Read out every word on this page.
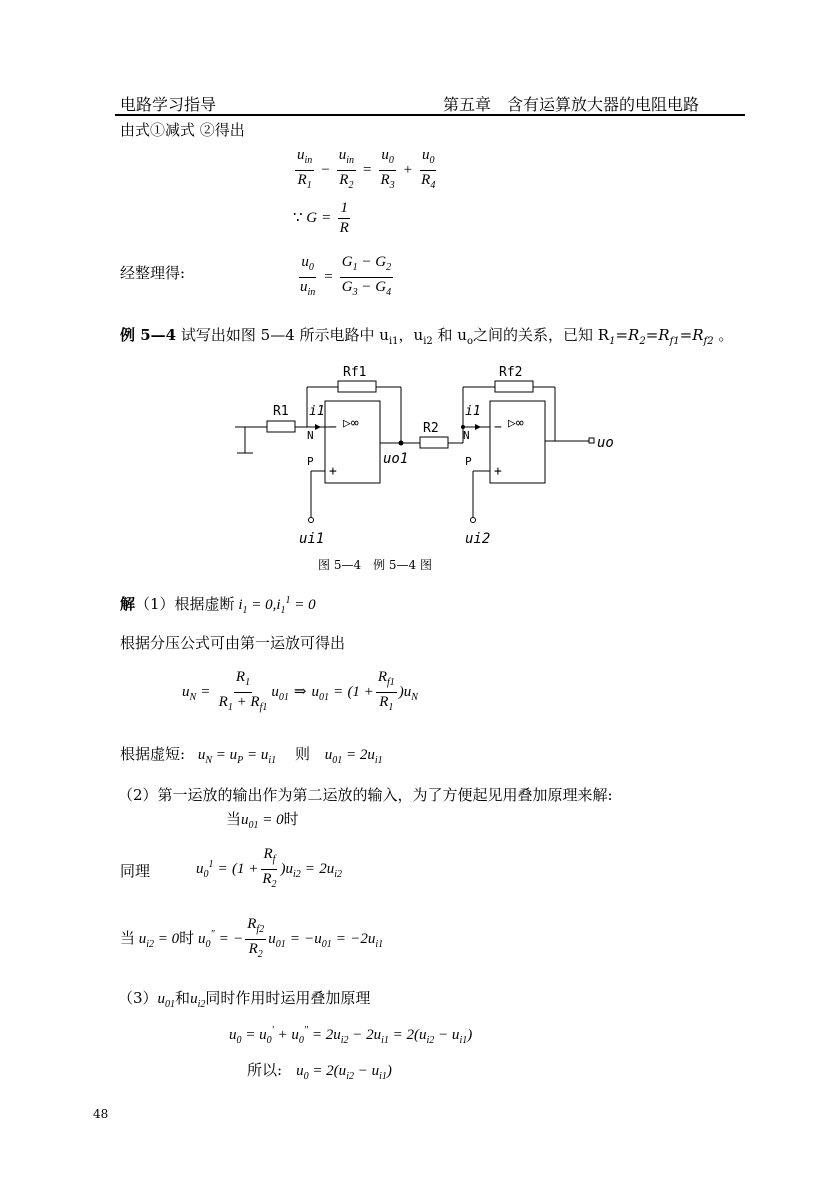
电路学习指导	第五章　含有运算放大器的电阻电路
由式①减式 ②得出
$\frac{u_{in}}{R_1} - \frac{u_{in}}{R_2} = \frac{u_0}{R_3} + \frac{u_0}{R_4}$
∵ $G = \frac{1}{R}$
经整理得:	$\frac{u_0}{u_{in}} = \frac{G_1 - G_2}{G_3 - G_4}$
例 5—4 试写出如图 5—4 所示电路中 $u_{i1}$，$u_{i2}$ 和 $u_o$之间的关系，已知 $R_1=R_2=R_{f1}=R_{f2}$ 。
Rf1	Rf2
R1
R2
i1	i1
N	N
P	P
−
+
▷∞	−
+
▷∞
uo1
uo
ui1	ui2
图 5—4　例 5—4 图
解（1）根据虚断 $i_1 = 0,i_1^1 = 0$
根据分压公式可由第一运放可得出
$u_N = \frac{R_1}{R_1 + R_{f1}} u_{01}$ ⇒ $u_{01} = (1 + \frac{R_{f1}}{R_1} )u_N$
根据虚短: $u_N = u_P = u_{i1}$ 则 $u_{01} = 2u_{i1}$
（2）第一运放的输出作为第二运放的输入，为了方便起见用叠加原理来解:
当$u_{01} = 0$时
同理	$u_0^1 = (1 + \frac{R_f}{R_2} )u_{i2} = 2u_{i2}$
当 $u_{i2} = 0$时 $u_0^"$ = − $\frac{R_{f2}}{R_2} u_{01} = -u_{01} = -2u_{i1}$
$(3)u_{01}$和$u_{i2}$同时作用时运用叠加原理
$u_0 = u_0' + u_0^" = 2u_{i2} - 2u_{i1} = 2(u_{i2} - u_{i1})$
所以: $u_0 = 2(u_{i2} - u_{i1})$
48
